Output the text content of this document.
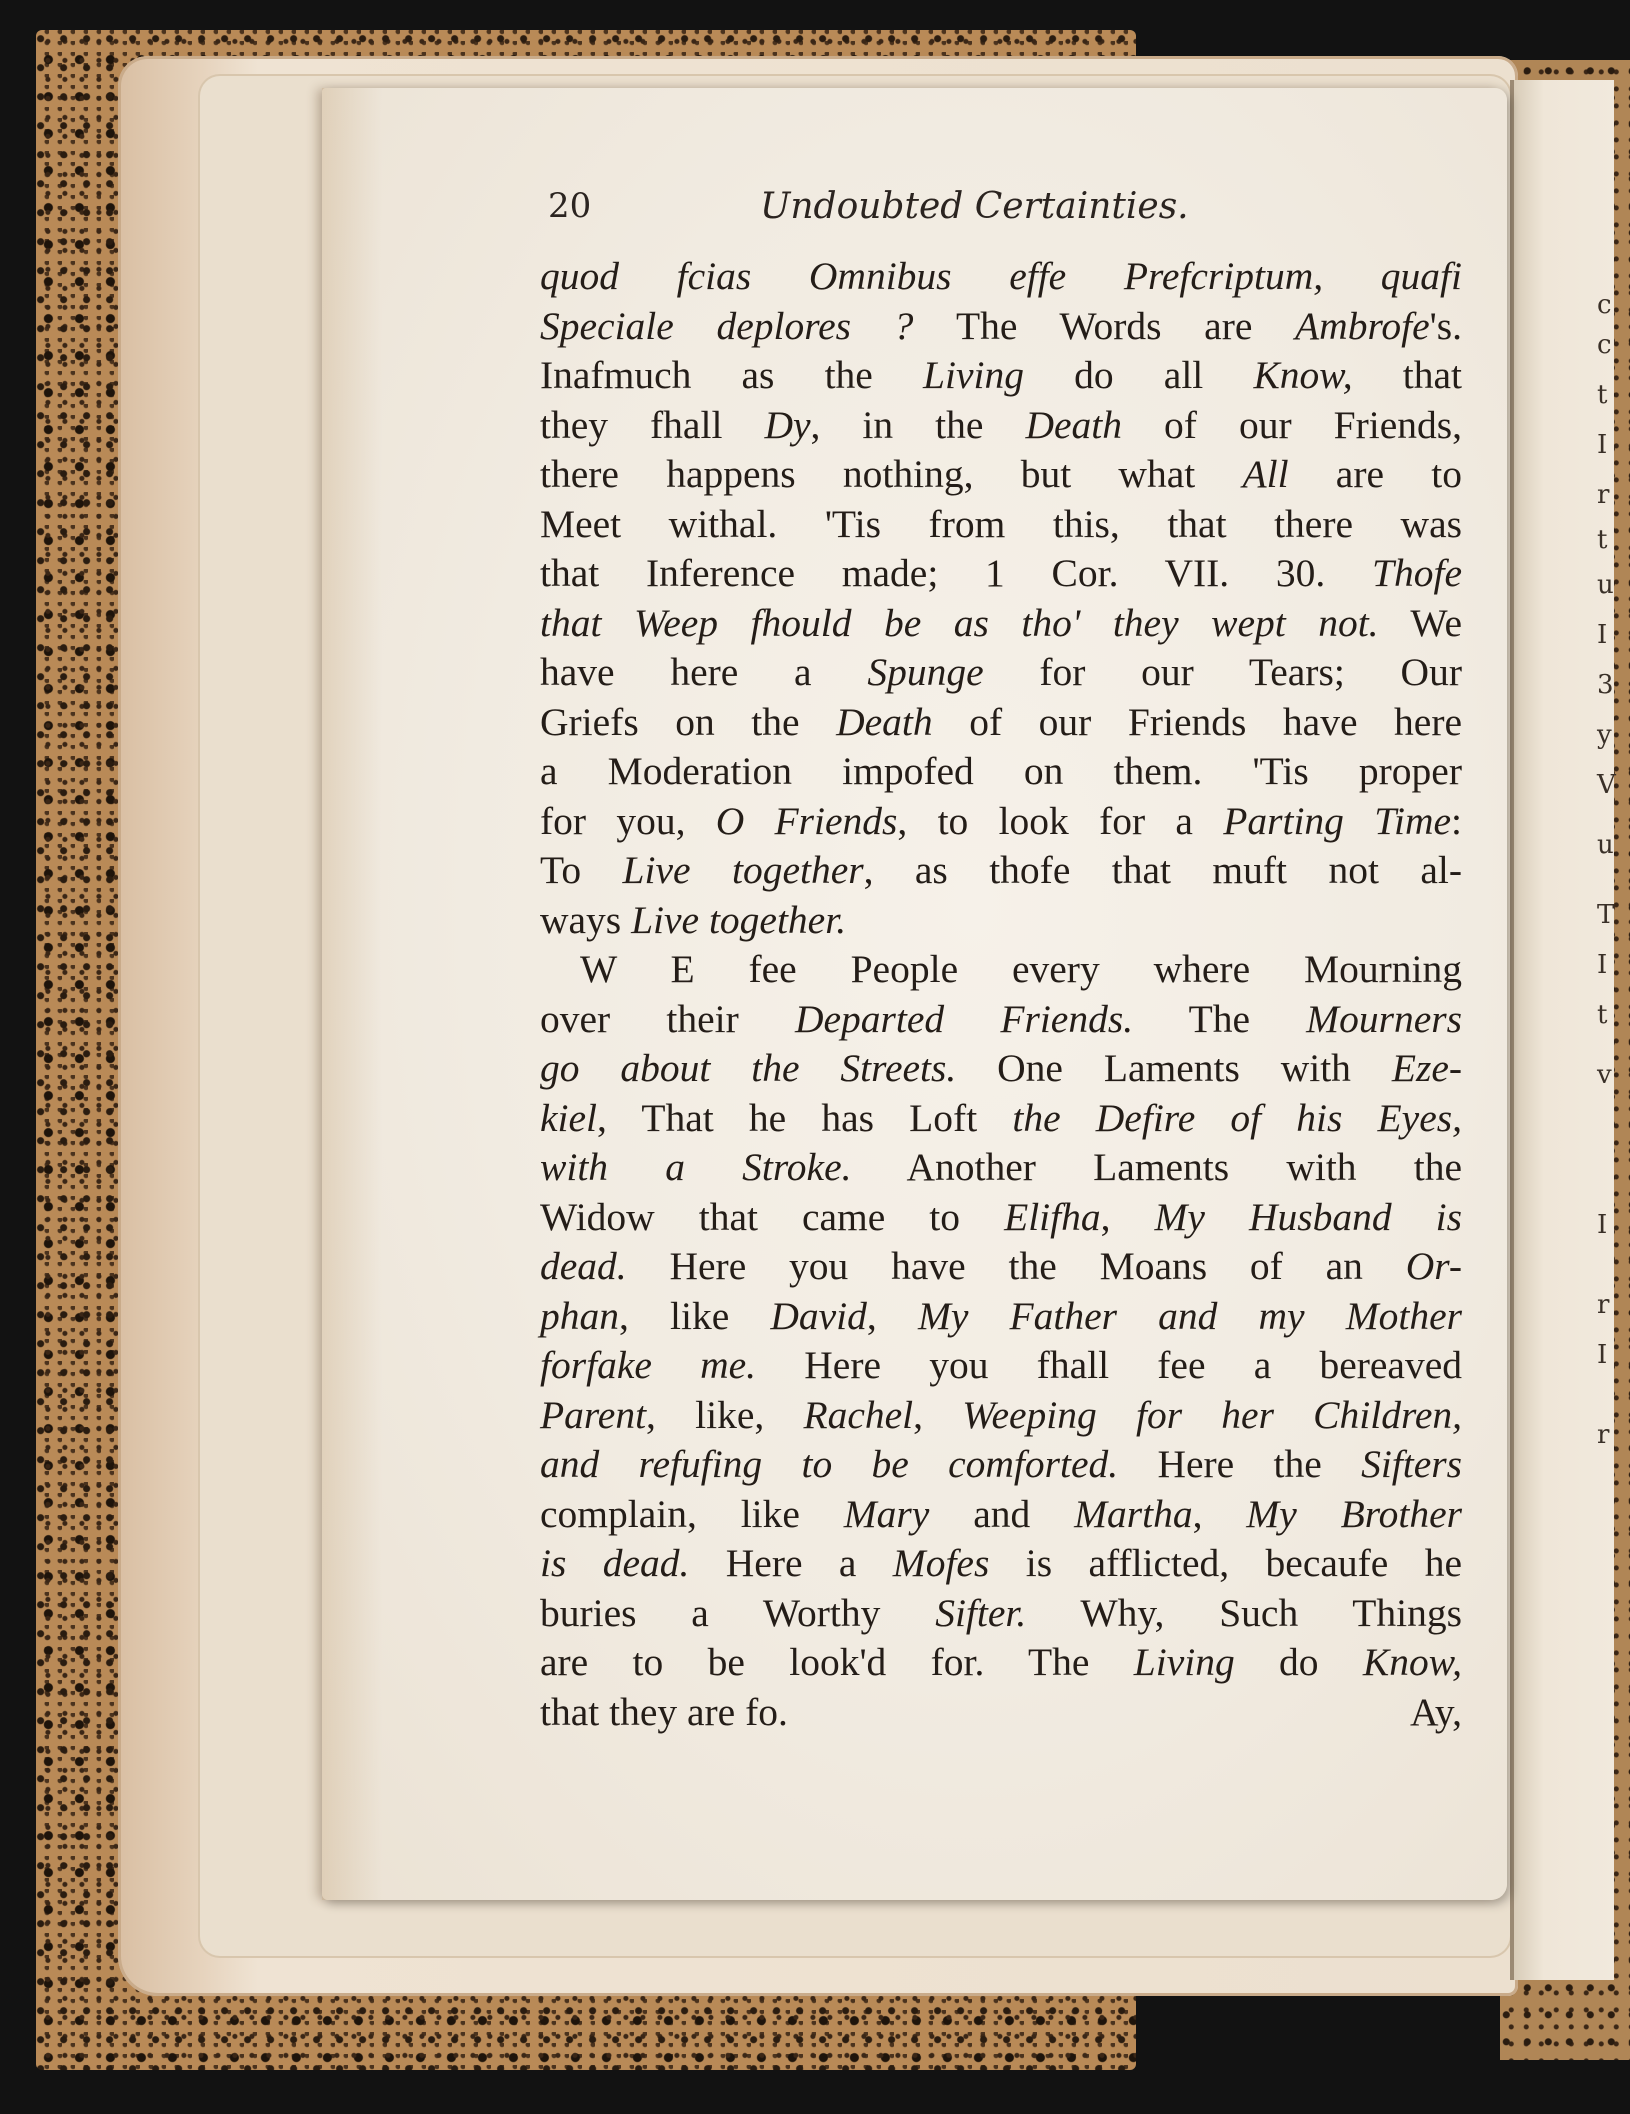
c
c
t
I
r
t
u
I
3
y
V
u
T
I
t
v
I
r
I
r
20	Undoubted Certainties.
quod fcias Omnibus effe Prefcriptum, quafi
Speciale deplores ? The Words are Ambrofe's.
Inafmuch as the Living do all Know, that
they fhall Dy, in the Death of our Friends,
there happens nothing, but what All are to
Meet withal. 'Tis from this, that there was
that Inference made; 1 Cor. VII. 30. Thofe
that Weep fhould be as tho' they wept not. We
have here a Spunge for our Tears; Our
Griefs on the Death of our Friends have here
a Moderation impofed on them. 'Tis proper
for you, O Friends, to look for a Parting Time:
To Live together, as thofe that muft not al-
ways Live together.
W E fee People every where Mourning
over their Departed Friends. The Mourners
go about the Streets. One Laments with Eze-
kiel, That he has Loft the Defire of his Eyes,
with a Stroke. Another Laments with the
Widow that came to Elifha, My Husband is
dead. Here you have the Moans of an Or-
phan, like David, My Father and my Mother
forfake me. Here you fhall fee a bereaved
Parent, like, Rachel, Weeping for her Children,
and refufing to be comforted. Here the Sifters
complain, like Mary and Martha, My Brother
is dead. Here a Mofes is afflicted, becaufe he
buries a Worthy Sifter. Why, Such Things
are to be look'd for. The Living do Know,
that they are fo.	Ay,
